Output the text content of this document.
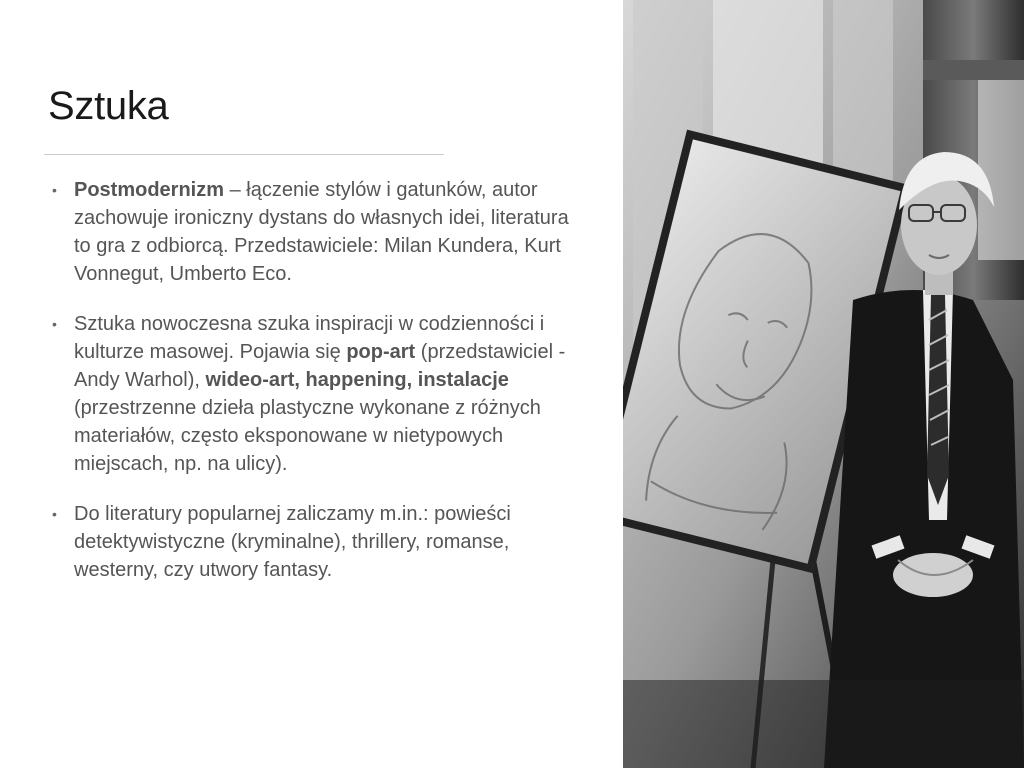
Sztuka
• Postmodernizm – łączenie stylów i gatunków, autor zachowuje ironiczny dystans do własnych idei, literatura to gra z odbiorcą. Przedstawiciele: Milan Kundera, Kurt Vonnegut, Umberto Eco.
• Sztuka nowoczesna szuka inspiracji w codzienności i kulturze masowej. Pojawia się pop-art (przedstawiciel - Andy Warhol), wideo-art, happening, instalacje (przestrzenne dzieła plastyczne wykonane z różnych materiałów, często eksponowane w nietypowych miejscach, np. na ulicy).
• Do literatury popularnej zaliczamy m.in.: powieści detektywistyczne (kryminalne), thrillery, romanse, westerny, czy utwory fantasy.
